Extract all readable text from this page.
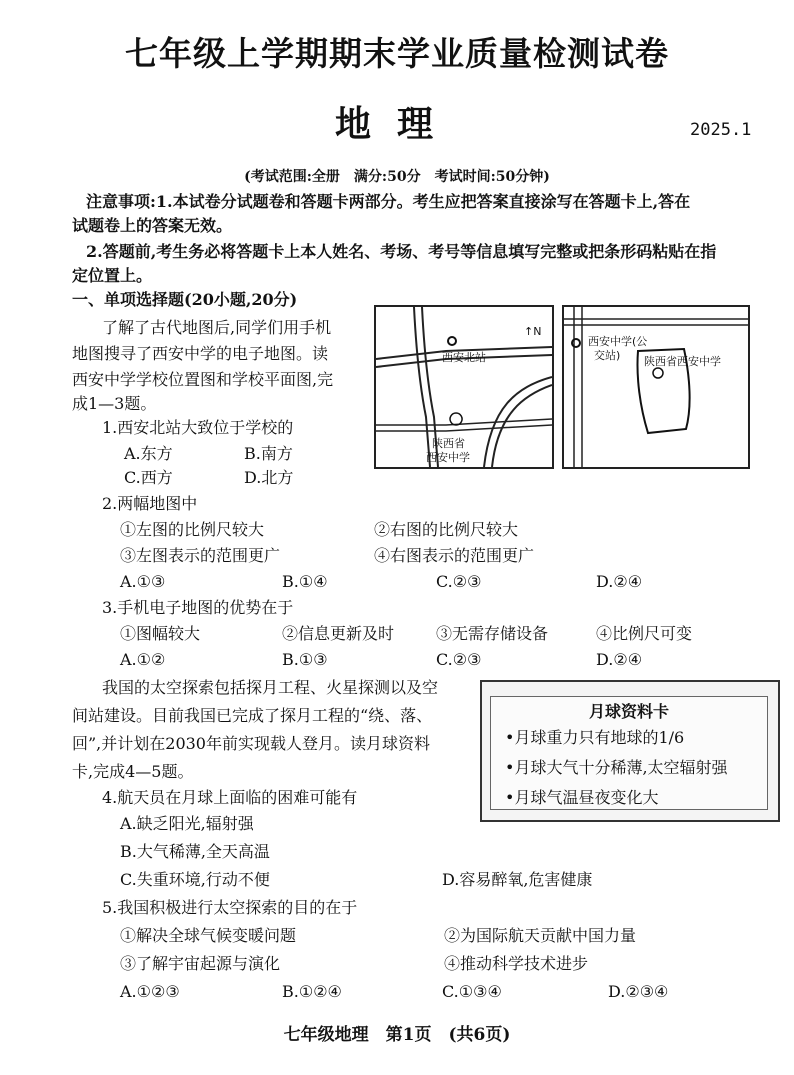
七年级上学期期末学业质量检测试卷
地理	2025.1
(考试范围:全册　满分:50分　考试时间:50分钟)
注意事项:1.本试卷分试题卷和答题卡两部分。考生应把答案直接涂写在答题卡上,答在
试题卷上的答案无效。
2.答题前,考生务必将答题卡上本人姓名、考场、考号等信息填写完整或把条形码粘贴在指
定位置上。
一、单项选择题(20小题,20分)
了解了古代地图后,同学们用手机
地图搜寻了西安中学的电子地图。读
西安中学学校位置图和学校平面图,完
成1—3题。
↑N
西安北站
陕西省
西安中学
西安中学(公
交站) 陕西省西安中学
1.西安北站大致位于学校的
A.东方	B.南方
C.西方	D.北方
2.两幅地图中
①左图的比例尺较大	②右图的比例尺较大
③左图表示的范围更广	④右图表示的范围更广
A.①③	B.①④	C.②③	D.②④
3.手机电子地图的优势在于
①图幅较大	②信息更新及时	③无需存储设备	④比例尺可变
A.①②	B.①③	C.②③	D.②④
我国的太空探索包括探月工程、火星探测以及空
间站建设。目前我国已完成了探月工程的“绕、落、
回”,并计划在2030年前实现载人登月。读月球资料
卡,完成4—5题。
月球资料卡
•月球重力只有地球的1/6
•月球大气十分稀薄,太空辐射强
•月球气温昼夜变化大
4.航天员在月球上面临的困难可能有
A.缺乏阳光,辐射强
B.大气稀薄,全天高温
C.失重环境,行动不便	D.容易醉氧,危害健康
5.我国积极进行太空探索的目的在于
①解决全球气候变暖问题	②为国际航天贡献中国力量
③了解宇宙起源与演化	④推动科学技术进步
A.①②③	B.①②④	C.①③④	D.②③④
七年级地理　第1页　(共6页)
